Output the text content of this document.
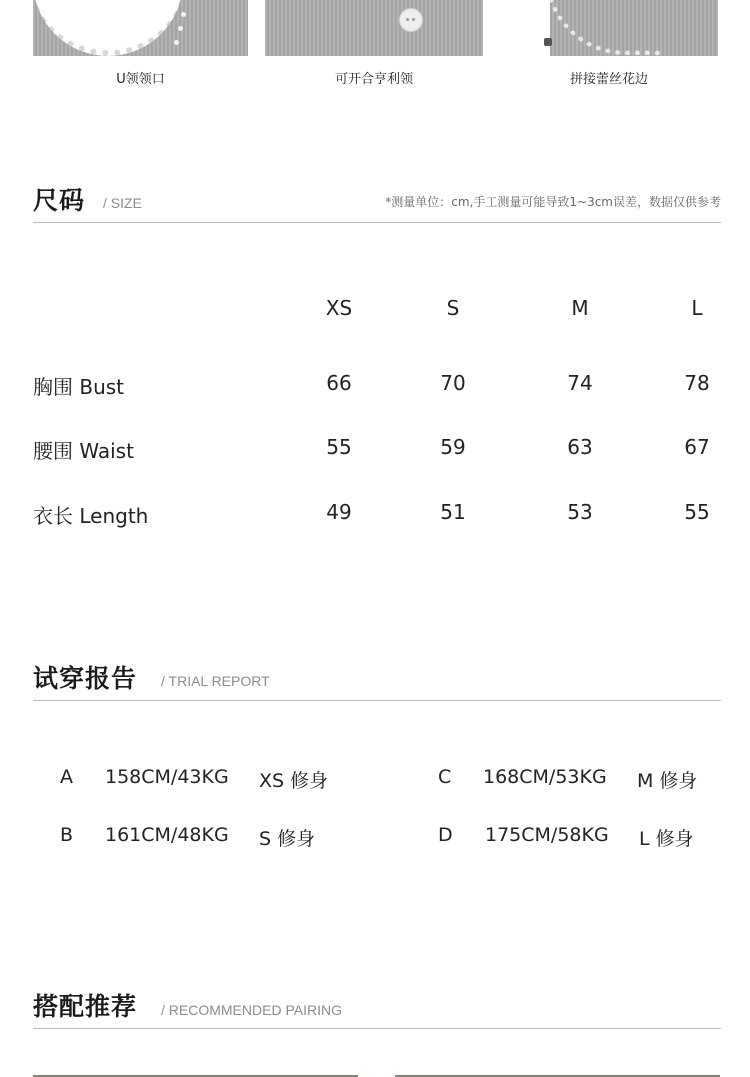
U领领口	可开合亨利领	拼接蕾丝花边
尺码 / SIZE	*测量单位：cm,手工测量可能导致1~3cm误差，数据仅供参考
XS	S	M	L
胸围 Bust	66	70	74	78
腰围 Waist	55	59	63	67
衣长 Length	49	51	53	55
试穿报告 / TRIAL REPORT
A 158CM/43KG XS 修身
B 161CM/48KG S 修身
C 168CM/53KG M 修身
D 175CM/58KG L 修身
搭配推荐 / RECOMMENDED PAIRING
